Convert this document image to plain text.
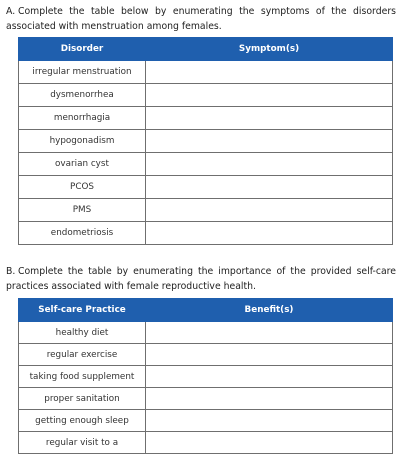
A. Complete the table below by enumerating the symptoms of the disorders associated with menstruation among females.
Disorder	Symptom(s)
irregular menstruation	
dysmenorrhea	
menorrhagia	
hypogonadism	
ovarian cyst	
PCOS	
PMS	
endometriosis	
B. Complete the table by enumerating the importance of the provided self-care practices associated with female reproductive health.
Self-care Practice	Benefit(s)
healthy diet	
regular exercise	
taking food supplement	
proper sanitation	
getting enough sleep	
regular visit to a	
